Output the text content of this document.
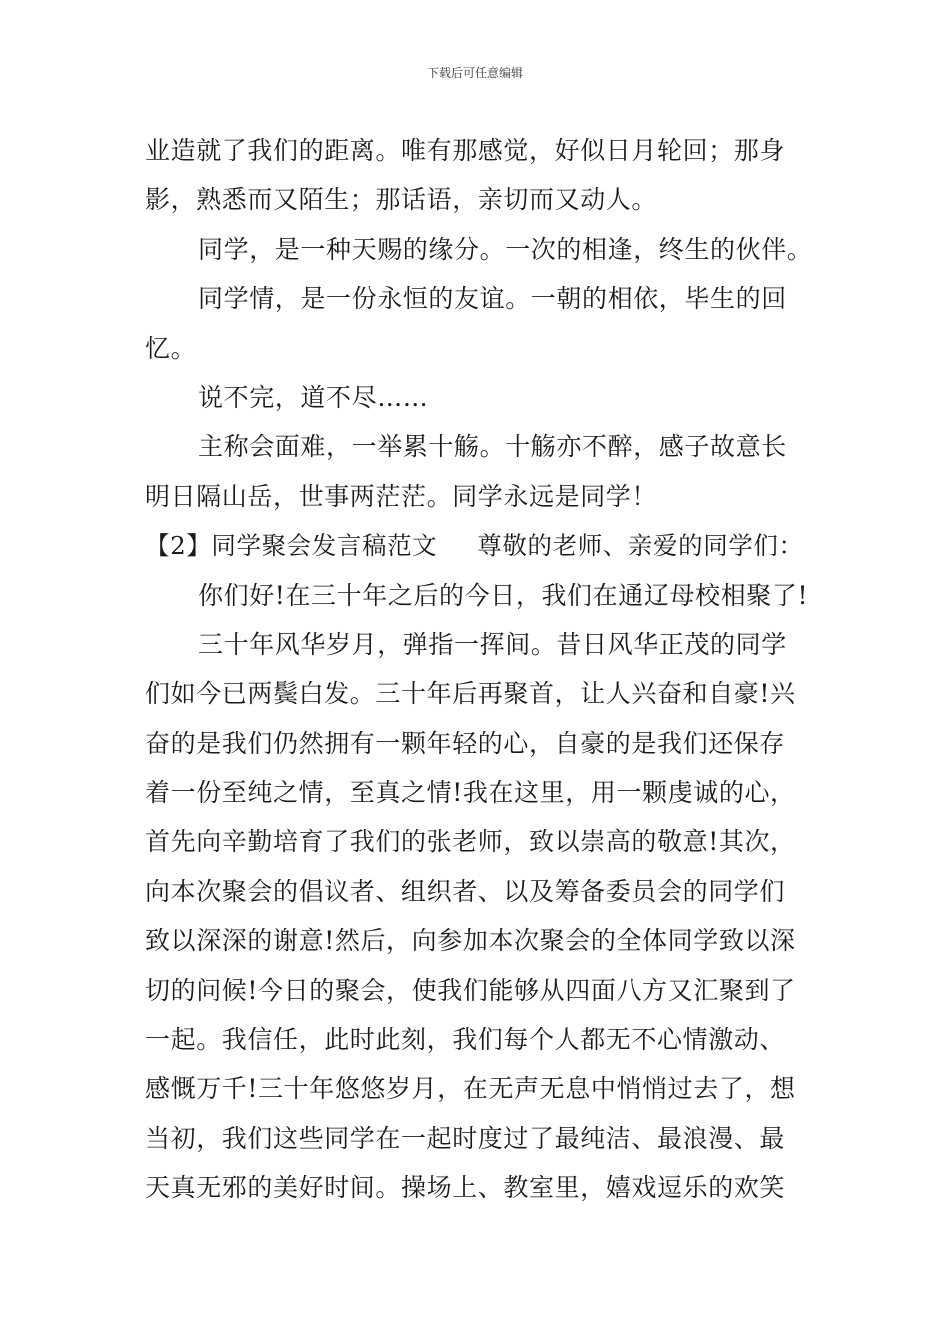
下载后可任意编辑
业造就了我们的距离。唯有那感觉，好似日月轮回；那身
影，熟悉而又陌生；那话语，亲切而又动人。
同学，是一种天赐的缘分。一次的相逢，终生的伙伴。
同学情，是一份永恒的友谊。一朝的相依，毕生的回
忆。
说不完，道不尽……
主称会面难，一举累十觞。十觞亦不醉，感子故意长
明日隔山岳，世事两茫茫。同学永远是同学！
【2】同学聚会发言稿范文 尊敬的老师、亲爱的同学们：
你们好!在三十年之后的今日，我们在通辽母校相聚了!
三十年风华岁月，弹指一挥间。昔日风华正茂的同学
们如今已两鬓白发。三十年后再聚首，让人兴奋和自豪!兴
奋的是我们仍然拥有一颗年轻的心，自豪的是我们还保存
着一份至纯之情，至真之情!我在这里，用一颗虔诚的心，
首先向辛勤培育了我们的张老师，致以崇高的敬意!其次，
向本次聚会的倡议者、组织者、以及筹备委员会的同学们
致以深深的谢意!然后，向参加本次聚会的全体同学致以深
切的问候!今日的聚会，使我们能够从四面八方又汇聚到了
一起。我信任，此时此刻，我们每个人都无不心情激动、
感慨万千!三十年悠悠岁月，在无声无息中悄悄过去了，想
当初，我们这些同学在一起时度过了最纯洁、最浪漫、最
天真无邪的美好时间。操场上、教室里，嬉戏逗乐的欢笑
